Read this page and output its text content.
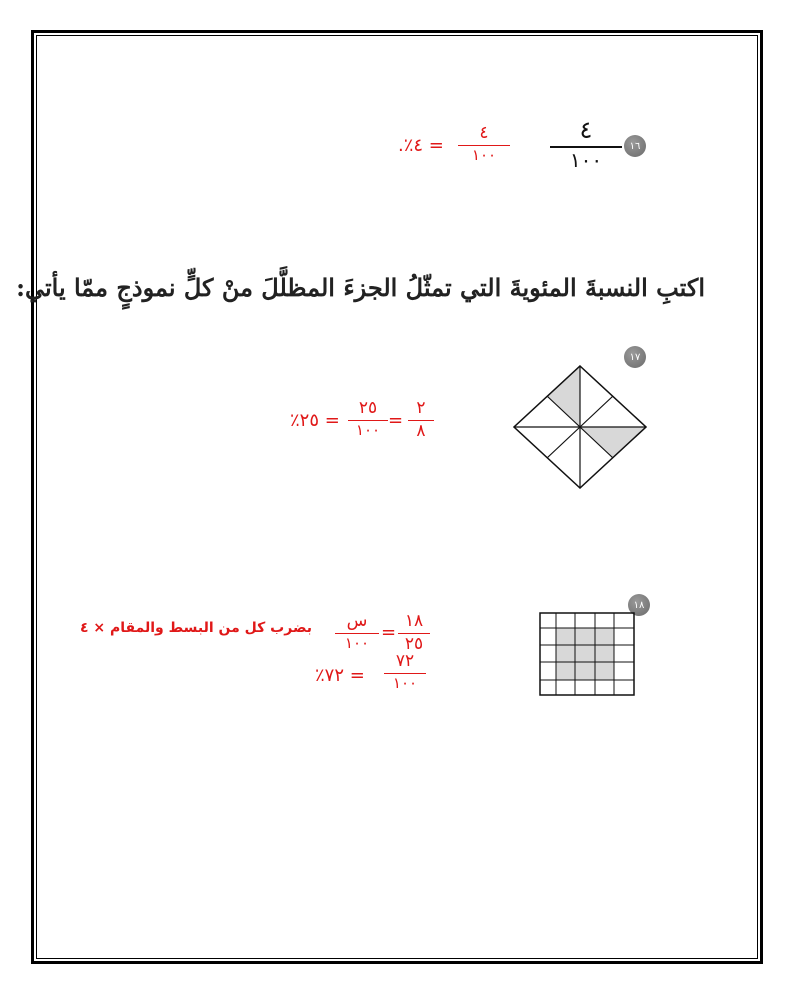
١٦
٤
١٠٠
٤
١٠٠
.٪٤ =
اكتبِ النسبةَ المئويةَ التي تمثّلُ الجزءَ المظلَّلَ منْ كلٍّ نموذجٍ ممّا يأتي:
١٧
٢
٨
=
٢٥
١٠٠
٪٢٥ =
١٨
١٨
٢٥
=
س
١٠٠
بضرب كل من البسط والمقام × ٤
٧٢
١٠٠
٪٧٢ =
